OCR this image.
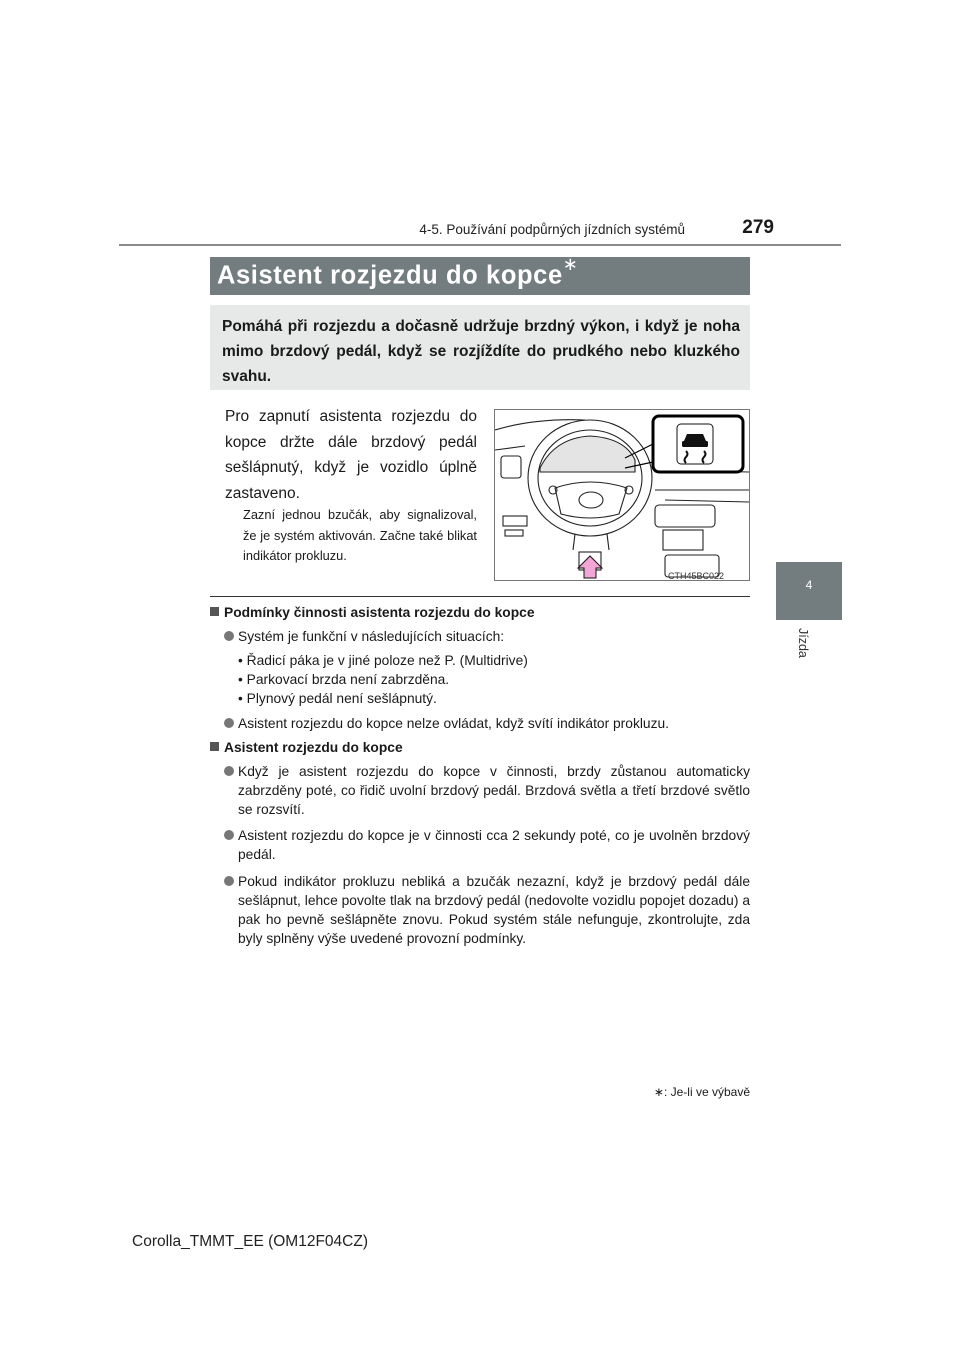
4-5. Používání podpůrných jízdních systémů	279
4
Jízda
Asistent rozjezdu do kopce∗
Pomáhá při rozjezdu a dočasně udržuje brzdný výkon, i když je noha mimo brzdový pedál, když se rozjíždíte do prudkého nebo kluzkého svahu.
Pro zapnutí asistenta rozjezdu do kopce držte dále brzdový pedál sešlápnutý, když je vozidlo úplně zastaveno.
Zazní jednou bzučák, aby signalizoval, že je systém aktivován. Začne také blikat indikátor prokluzu.
CTH45BC022
Podmínky činnosti asistenta rozjezdu do kopce
Systém je funkční v následujících situacích:
• Řadicí páka je v jiné poloze než P. (Multidrive)
• Parkovací brzda není zabrzděna.
• Plynový pedál není sešlápnutý.
Asistent rozjezdu do kopce nelze ovládat, když svítí indikátor prokluzu.
Asistent rozjezdu do kopce
Když je asistent rozjezdu do kopce v činnosti, brzdy zůstanou automaticky zabrzděny poté, co řidič uvolní brzdový pedál. Brzdová světla a třetí brzdové světlo se rozsvítí.
Asistent rozjezdu do kopce je v činnosti cca 2 sekundy poté, co je uvolněn brzdový pedál.
Pokud indikátor prokluzu nebliká a bzučák nezazní, když je brzdový pedál dále sešlápnut, lehce povolte tlak na brzdový pedál (nedovolte vozidlu popojet dozadu) a pak ho pevně sešlápněte znovu. Pokud systém stále nefunguje, zkontrolujte, zda byly splněny výše uvedené provozní podmínky.
∗: Je-li ve výbavě
Corolla_TMMT_EE (OM12F04CZ)
